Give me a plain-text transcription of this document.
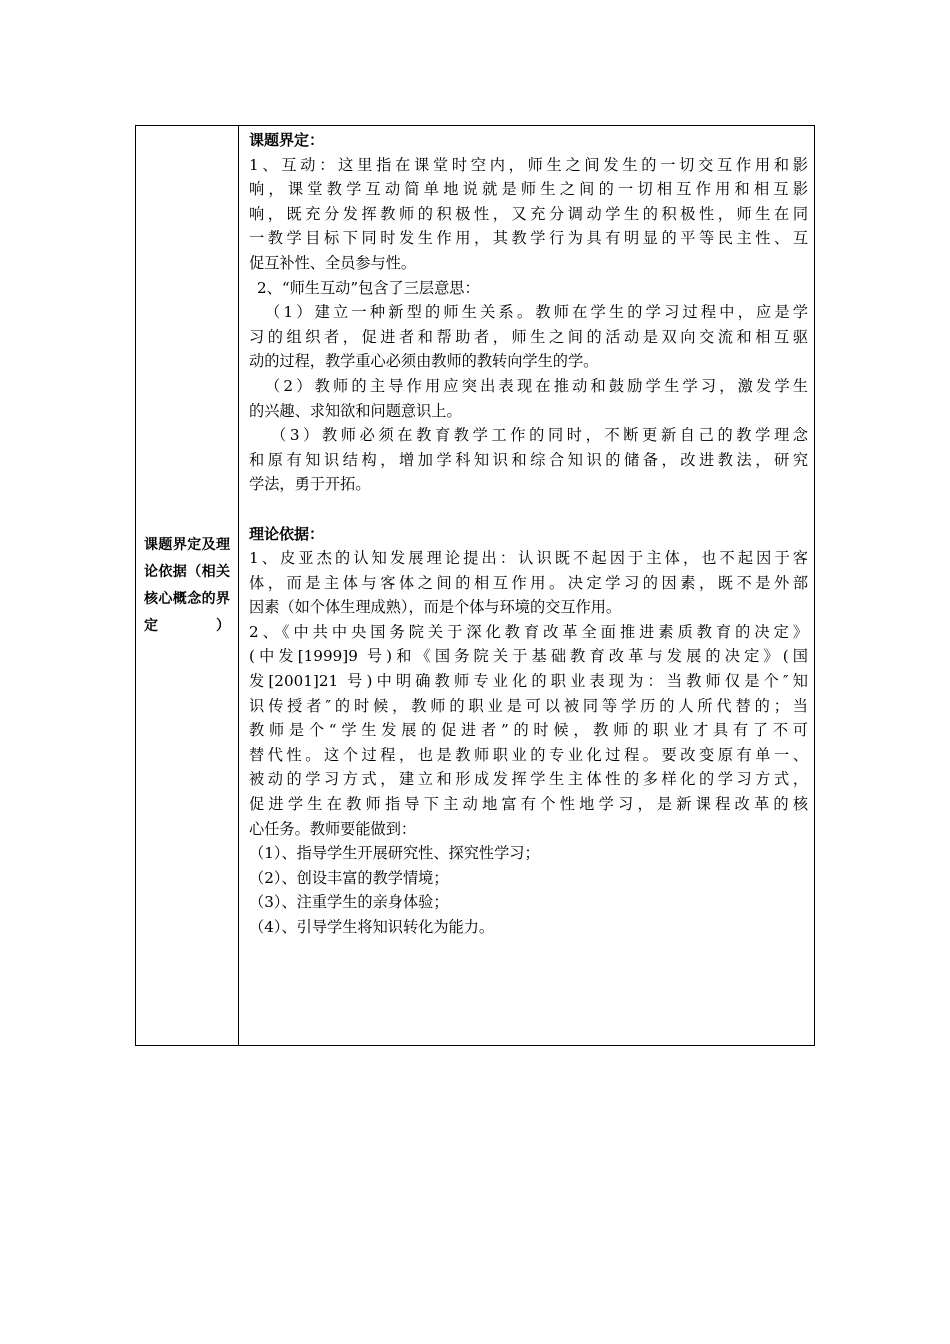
课题界定及理论依据（相关核心概念的界定）
课题界定：
1、互动：这里指在课堂时空内，师生之间发生的一切交互作用和影
响，课堂教学互动简单地说就是师生之间的一切相互作用和相互影
响，既充分发挥教师的积极性，又充分调动学生的积极性，师生在同
一教学目标下同时发生作用，其教学行为具有明显的平等民主性、互
促互补性、全员参与性。
2、“师生互动”包含了三层意思：
（1）建立一种新型的师生关系。教师在学生的学习过程中，应是学
习的组织者，促进者和帮助者，师生之间的活动是双向交流和相互驱
动的过程，教学重心必须由教师的教转向学生的学。
（2）教师的主导作用应突出表现在推动和鼓励学生学习，激发学生
的兴趣、求知欲和问题意识上。
（3）教师必须在教育教学工作的同时，不断更新自己的教学理念
和原有知识结构，增加学科知识和综合知识的储备，改进教法，研究
学法，勇于开拓。
理论依据：
1、皮亚杰的认知发展理论提出：认识既不起因于主体，也不起因于客
体，而是主体与客体之间的相互作用。决定学习的因素，既不是外部
因素（如个体生理成熟），而是个体与环境的交互作用。
2、《中共中央国务院关于深化教育改革全面推进素质教育的决定》
(中发[1999]9 号)和《国务院关于基础教育改革与发展的决定》(国
发[2001]21 号)中明确教师专业化的职业表现为：当教师仅是个″知
识传授者″的时候，教师的职业是可以被同等学历的人所代替的；当
教师是个“学生发展的促进者”的时候，教师的职业才具有了不可
替代性。这个过程，也是教师职业的专业化过程。要改变原有单一、
被动的学习方式，建立和形成发挥学生主体性的多样化的学习方式，
促进学生在教师指导下主动地富有个性地学习，是新课程改革的核
心任务。教师要能做到：
（1）、指导学生开展研究性、探究性学习；
（2）、创设丰富的教学情境；
（3）、注重学生的亲身体验；
（4）、引导学生将知识转化为能力。
